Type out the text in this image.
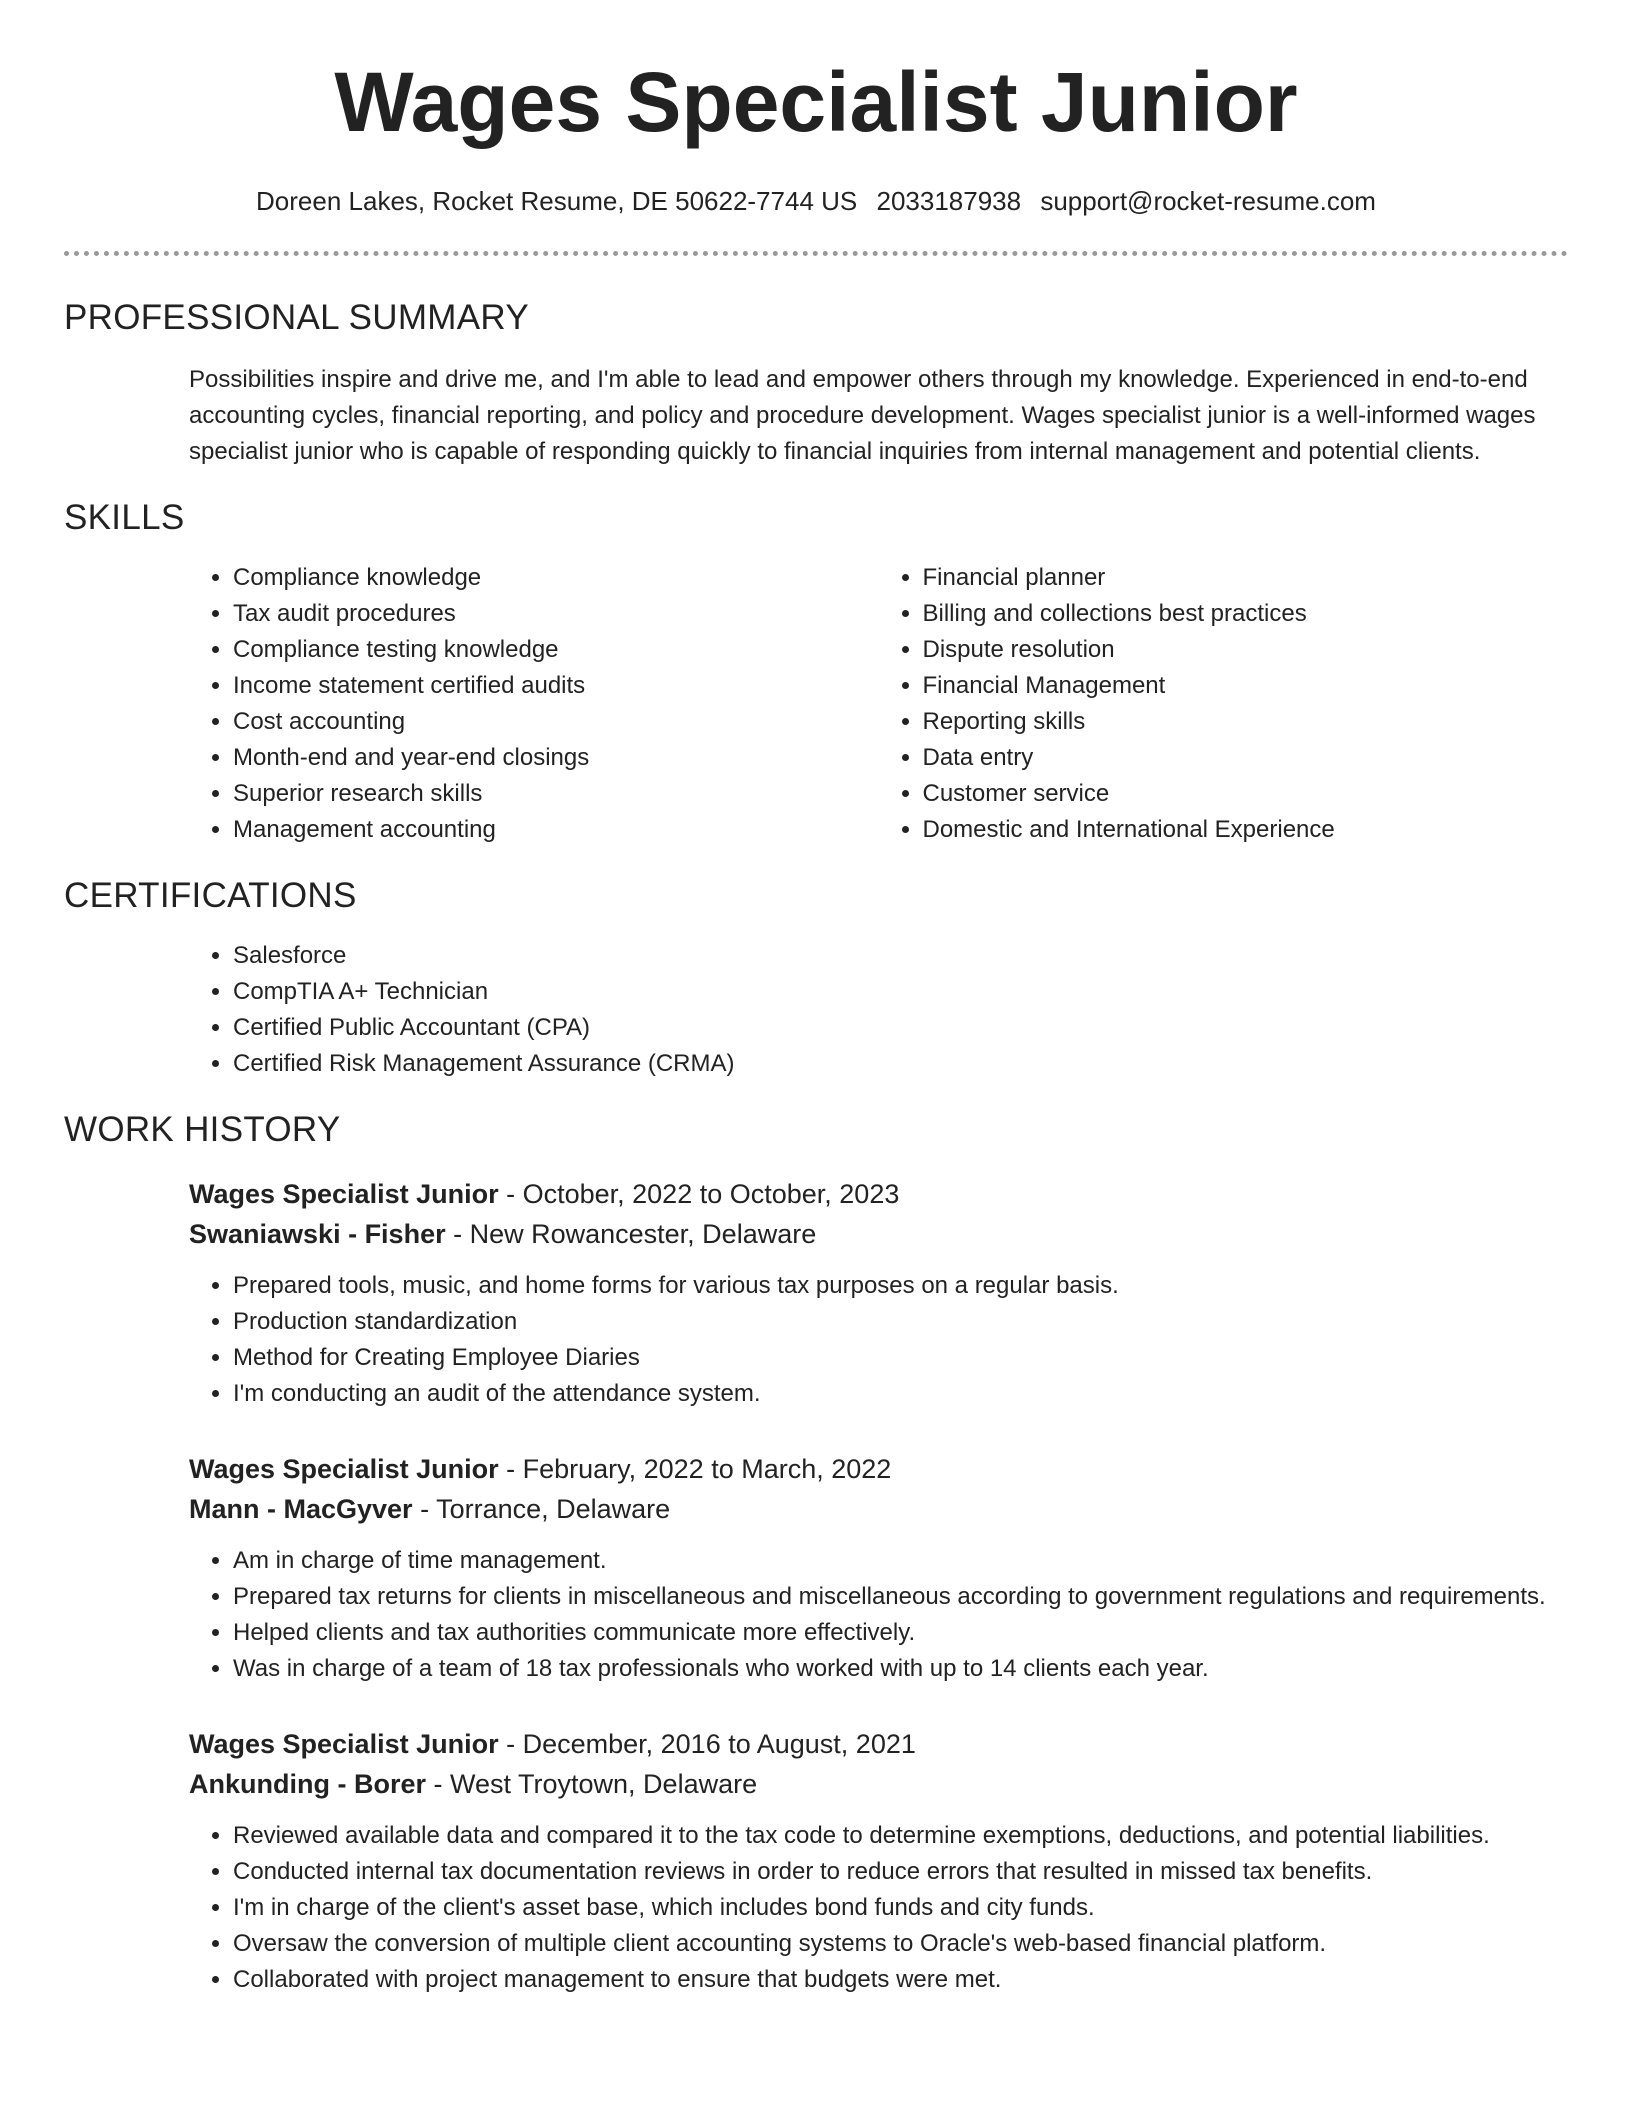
Wages Specialist Junior
Doreen Lakes, Rocket Resume, DE 50622-7744 US 2033187938 support@rocket-resume.com
PROFESSIONAL SUMMARY

Possibilities inspire and drive me, and I'm able to lead and empower others through my knowledge. Experienced in end-to-end accounting cycles, financial reporting, and policy and procedure development. Wages specialist junior is a well-informed wages specialist junior who is capable of responding quickly to financial inquiries from internal management and potential clients.

SKILLS
• Compliance knowledge
• Tax audit procedures
• Compliance testing knowledge
• Income statement certified audits
• Cost accounting
• Month-end and year-end closings
• Superior research skills
• Management accounting
• Financial planner
• Billing and collections best practices
• Dispute resolution
• Financial Management
• Reporting skills
• Data entry
• Customer service
• Domestic and International Experience
CERTIFICATIONS
• Salesforce
• CompTIA A+ Technician
• Certified Public Accountant (CPA)
• Certified Risk Management Assurance (CRMA)
WORK HISTORY
Wages Specialist Junior - October, 2022 to October, 2023
Swaniawski - Fisher - New Rowancester, Delaware
• Prepared tools, music, and home forms for various tax purposes on a regular basis.
• Production standardization
• Method for Creating Employee Diaries
• I'm conducting an audit of the attendance system.
Wages Specialist Junior - February, 2022 to March, 2022
Mann - MacGyver - Torrance, Delaware
• Am in charge of time management.
• Prepared tax returns for clients in miscellaneous and miscellaneous according to government regulations and requirements.
• Helped clients and tax authorities communicate more effectively.
• Was in charge of a team of 18 tax professionals who worked with up to 14 clients each year.
Wages Specialist Junior - December, 2016 to August, 2021
Ankunding - Borer - West Troytown, Delaware
• Reviewed available data and compared it to the tax code to determine exemptions, deductions, and potential liabilities.
• Conducted internal tax documentation reviews in order to reduce errors that resulted in missed tax benefits.
• I'm in charge of the client's asset base, which includes bond funds and city funds.
• Oversaw the conversion of multiple client accounting systems to Oracle's web-based financial platform.
• Collaborated with project management to ensure that budgets were met.
